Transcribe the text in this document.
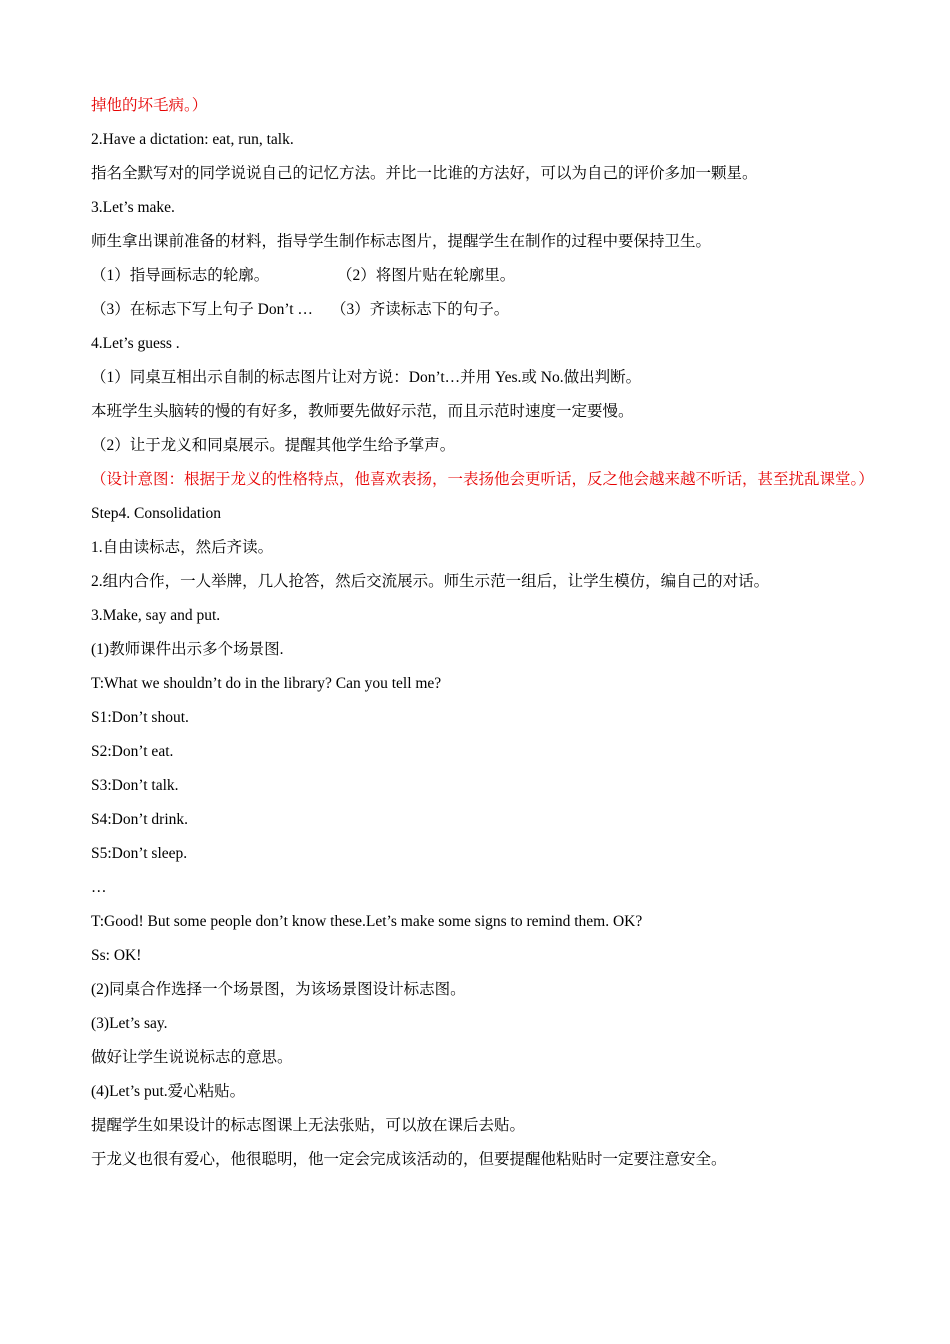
掉他的坏毛病。）
2.Have a dictation: eat, run, talk.
指名全默写对的同学说说自己的记忆方法。并比一比谁的方法好，可以为自己的评价多加一颗星。
3.Let’s make.
师生拿出课前准备的材料，指导学生制作标志图片，提醒学生在制作的过程中要保持卫生。
（1）指导画标志的轮廓。	（2）将图片贴在轮廓里。
（3）在标志下写上句子 Don’t …	（3）齐读标志下的句子。
4.Let’s guess .
（1）同桌互相出示自制的标志图片让对方说：Don’t…并用 Yes.或 No.做出判断。
本班学生头脑转的慢的有好多，教师要先做好示范，而且示范时速度一定要慢。
（2）让于龙义和同桌展示。提醒其他学生给予掌声。
（设计意图：根据于龙义的性格特点，他喜欢表扬，一表扬他会更听话，反之他会越来越不听话，甚至扰乱课堂。）
Step4. Consolidation
1.自由读标志，然后齐读。
2.组内合作，一人举牌，几人抢答，然后交流展示。师生示范一组后，让学生模仿，编自己的对话。
3.Make, say and put.
(1)教师课件出示多个场景图.
T:What we shouldn’t do in the library? Can you tell me?
S1:Don’t shout.
S2:Don’t eat.
S3:Don’t talk.
S4:Don’t drink.
S5:Don’t sleep.
…
T:Good! But some people don’t know these.Let’s make some signs to remind them. OK?
Ss: OK!
(2)同桌合作选择一个场景图，为该场景图设计标志图。
(3)Let’s say.
做好让学生说说标志的意思。
(4)Let’s put.爱心粘贴。
提醒学生如果设计的标志图课上无法张贴，可以放在课后去贴。
于龙义也很有爱心，他很聪明，他一定会完成该活动的，但要提醒他粘贴时一定要注意安全。
